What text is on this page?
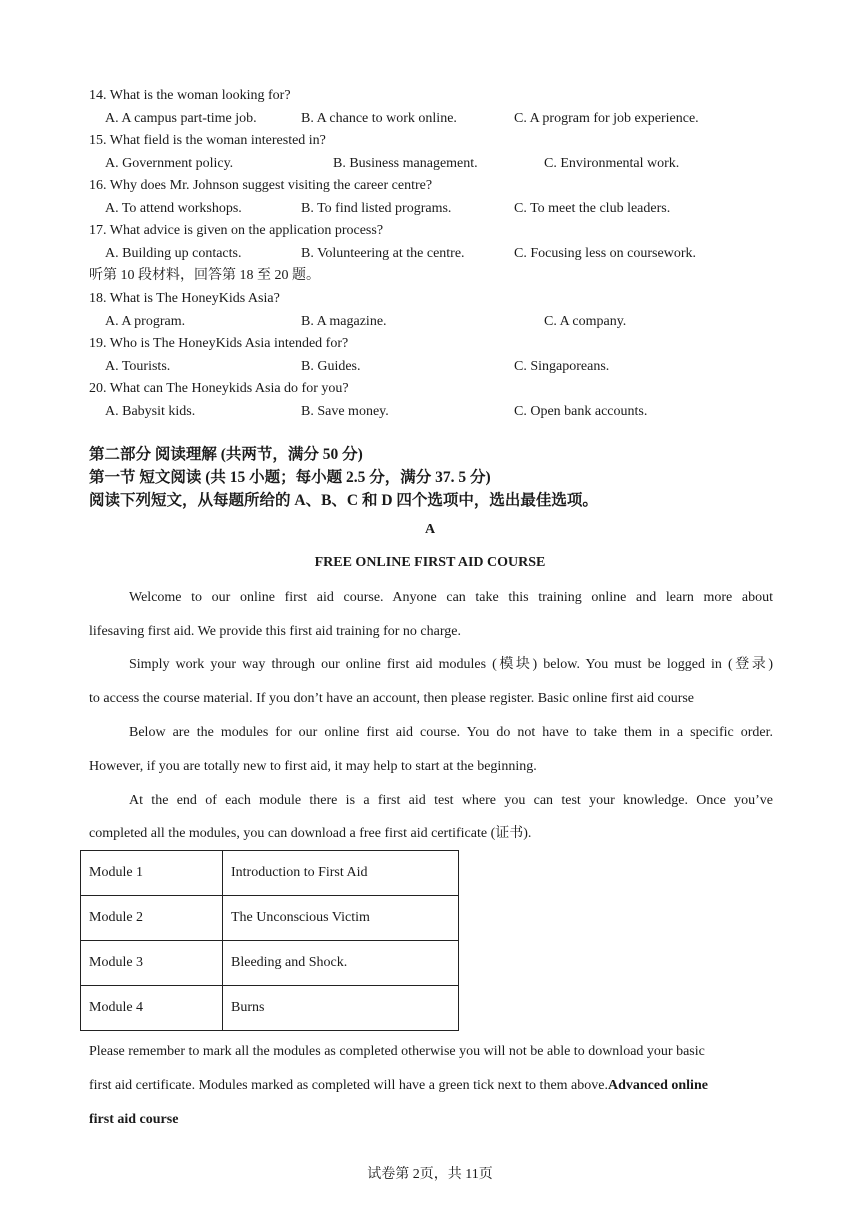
14. What is the woman looking for?
A. A campus part-time job.	B. A chance to work online.	C. A program for job experience.
15. What field is the woman interested in?
A. Government policy.	B. Business management.	C. Environmental work.
16. Why does Mr. Johnson suggest visiting the career centre?
A. To attend workshops.	B. To find listed programs.	C. To meet the club leaders.
17. What advice is given on the application process?
A. Building up contacts.	B. Volunteering at the centre.	C. Focusing less on coursework.
听第 10 段材料，回答第 18 至 20 题。
18. What is The HoneyKids Asia?
A. A program.	B. A magazine.	C. A company.
19. Who is The HoneyKids Asia intended for?
A. Tourists.	B. Guides.	C. Singaporeans.
20. What can The Honeykids Asia do for you?
A. Babysit kids.	B. Save money.	C. Open bank accounts.
第二部分 阅读理解 (共两节，满分 50 分)
第一节 短文阅读 (共 15 小题；每小题 2.5 分，满分 37. 5 分)
阅读下列短文，从每题所给的 A、B、C 和 D 四个选项中，选出最佳选项。
A
FREE ONLINE FIRST AID COURSE
Welcome to our online first aid course. Anyone can take this training online and learn more about
lifesaving first aid. We provide this first aid training for no charge.
Simply work your way through our online first aid modules (模块) below. You must be logged in (登录)
to access the course material. If you don’t have an account, then please register. Basic online first aid course
Below are the modules for our online first aid course. You do not have to take them in a specific order.
However, if you are totally new to first aid, it may help to start at the beginning.
At the end of each module there is a first aid test where you can test your knowledge. Once you’ve
completed all the modules, you can download a free first aid certificate (证书).
Module 1	Introduction to First Aid
Module 2	The Unconscious Victim
Module 3	Bleeding and Shock.
Module 4	Burns
Please remember to mark all the modules as completed otherwise you will not be able to download your basic
first aid certificate. Modules marked as completed will have a green tick next to them above.Advanced online
first aid course
试卷第 2页，共 11页
